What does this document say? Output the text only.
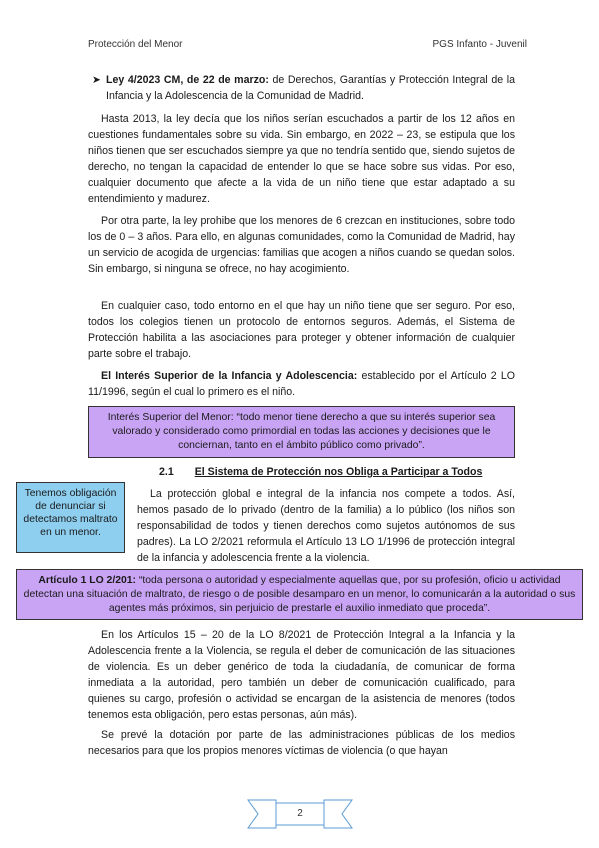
Protección del Menor	PGS Infanto - Juvenil

➤ Ley 4/2023 CM, de 22 de marzo: de Derechos, Garantías y Protección Integral de la Infancia y la Adolescencia de la Comunidad de Madrid.

Hasta 2013, la ley decía que los niños serían escuchados a partir de los 12 años en cuestiones fundamentales sobre su vida. Sin embargo, en 2022 – 23, se estipula que los niños tienen que ser escuchados siempre ya que no tendría sentido que, siendo sujetos de derecho, no tengan la capacidad de entender lo que se hace sobre sus vidas. Por eso, cualquier documento que afecte a la vida de un niño tiene que estar adaptado a su entendimiento y madurez.

Por otra parte, la ley prohibe que los menores de 6 crezcan en instituciones, sobre todo los de 0 – 3 años. Para ello, en algunas comunidades, como la Comunidad de Madrid, hay un servicio de acogida de urgencias: familias que acogen a niños cuando se quedan solos. Sin embargo, si ninguna se ofrece, no hay acogimiento.

En cualquier caso, todo entorno en el que hay un niño tiene que ser seguro. Por eso, todos los colegios tienen un protocolo de entornos seguros. Además, el Sistema de Protección habilita a las asociaciones para proteger y obtener información de cualquier parte sobre el trabajo.

El Interés Superior de la Infancia y Adolescencia: establecido por el Artículo 2 LO 11/1996, según el cual lo primero es el niño.

Interés Superior del Menor: “todo menor tiene derecho a que su interés superior sea valorado y considerado como primordial en todas las acciones y decisiones que le conciernan, tanto en el ámbito público como privado”.
2.1 El Sistema de Protección nos Obliga a Participar a Todos
Tenemos obligación de denunciar si detectamos maltrato en un menor.

La protección global e integral de la infancia nos compete a todos. Así, hemos pasado de lo privado (dentro de la familia) a lo público (los niños son responsabilidad de todos y tienen derechos como sujetos autónomos de sus padres). La LO 2/2021 reformula el Artículo 13 LO 1/1996 de protección integral de la infancia y adolescencia frente a la violencia.

Artículo 1 LO 2/201: “toda persona o autoridad y especialmente aquellas que, por su profesión, oficio u actividad detectan una situación de maltrato, de riesgo o de posible desamparo en un menor, lo comunicarán a la autoridad o sus agentes más próximos, sin perjuicio de prestarle el auxilio inmediato que proceda”.

En los Artículos 15 – 20 de la LO 8/2021 de Protección Integral a la Infancia y la Adolescencia frente a la Violencia, se regula el deber de comunicación de las situaciones de violencia. Es un deber genérico de toda la ciudadanía, de comunicar de forma inmediata a la autoridad, pero también un deber de comunicación cualificado, para quienes su cargo, profesión o actividad se encargan de la asistencia de menores (todos tenemos esta obligación, pero estas personas, aún más).

Se prevé la dotación por parte de las administraciones públicas de los medios necesarios para que los propios menores víctimas de violencia (o que hayan

2
